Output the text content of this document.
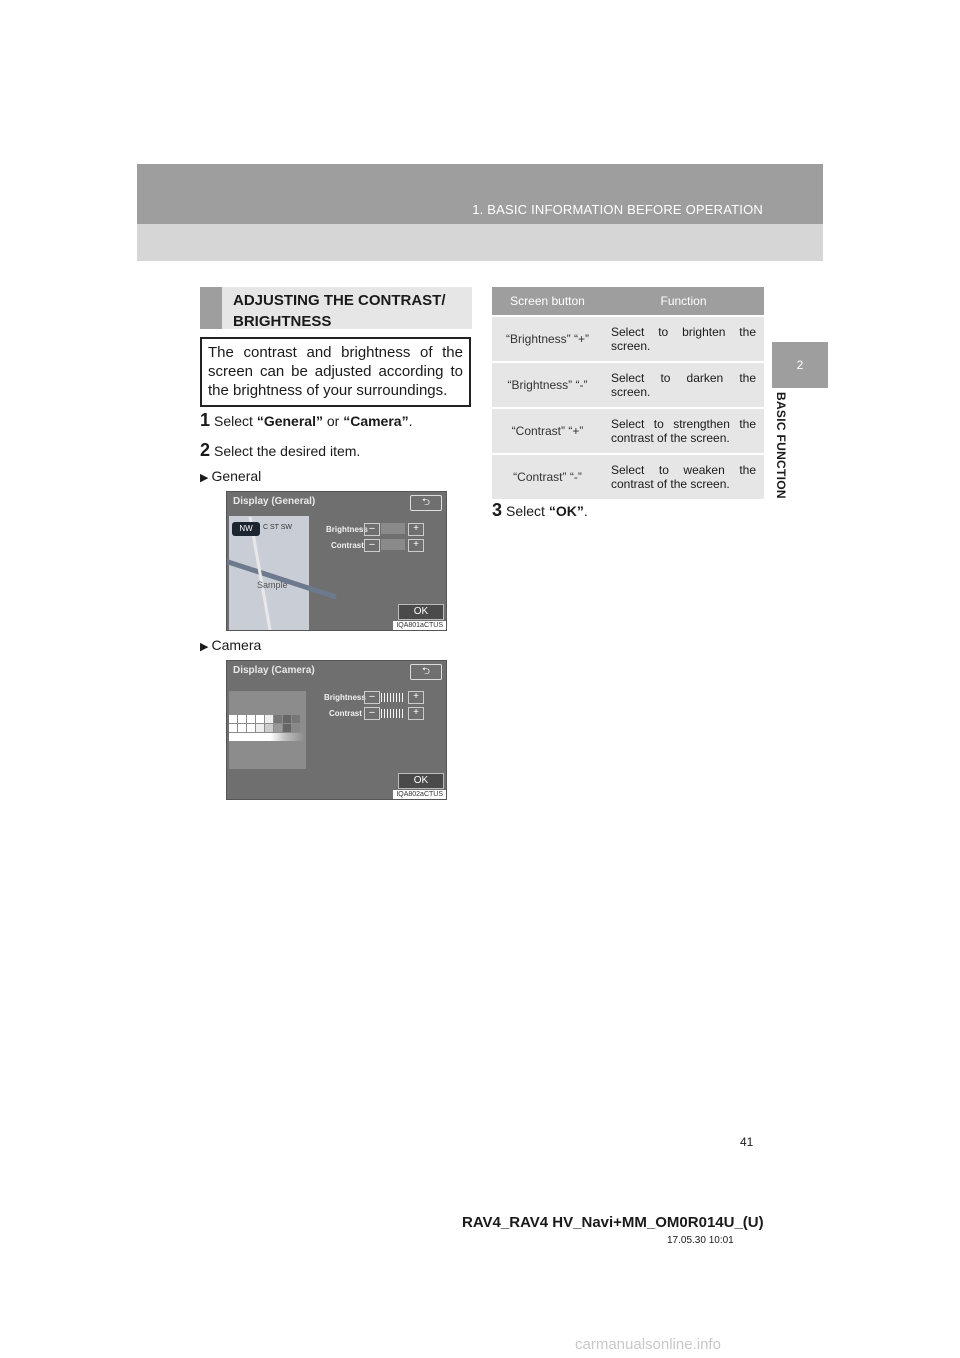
1. BASIC INFORMATION BEFORE OPERATION
2
BASIC FUNCTION
ADJUSTING THE CONTRAST/
BRIGHTNESS
The contrast and brightness of the screen can be adjusted according to the brightness of your surroundings.
1 Select “General” or “Camera”.
2 Select the desired item.
▶ General
Display (General)	⮌
NW	C ST SW
Sample
Brightness –	+
Contrast –	+
OK
IQA801aCTUS
▶ Camera
Display (Camera)	⮌
Brightness –	+
Contrast –	+
OK
IQA802aCTUS
Screen button	Function
“Brightness” “+”	Select to brighten the screen.
“Brightness” “-”	Select to darken the screen.
“Contrast” “+”	Select to strengthen the contrast of the screen.
“Contrast” “-”	Select to weaken the contrast of the screen.
3 Select “OK”.
41
RAV4_RAV4 HV_Navi+MM_OM0R014U_(U)
17.05.30 10:01
carmanualsonline.info
